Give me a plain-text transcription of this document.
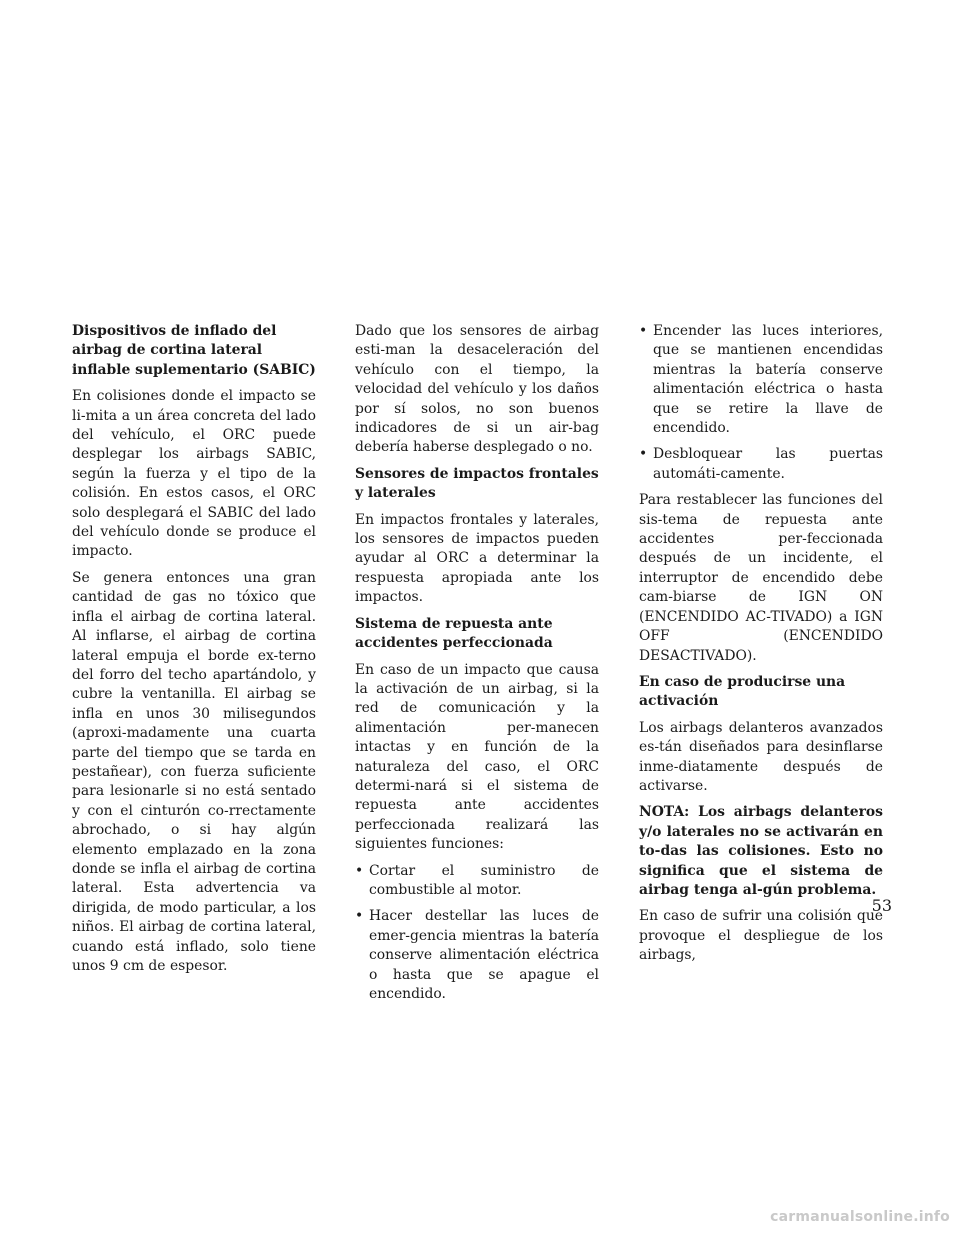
Dispositivos de inflado del airbag de cortina lateral inflable suplementario (SABIC)
En colisiones donde el impacto se li-mita a un área concreta del lado del vehículo, el ORC puede desplegar los airbags SABIC, según la fuerza y el tipo de la colisión. En estos casos, el ORC solo desplegará el SABIC del lado del vehículo donde se produce el impacto.
Se genera entonces una gran cantidad de gas no tóxico que infla el airbag de cortina lateral. Al inflarse, el airbag de cortina lateral empuja el borde ex-terno del forro del techo apartándolo, y cubre la ventanilla. El airbag se infla en unos 30 milisegundos (aproxi-madamente una cuarta parte del tiempo que se tarda en pestañear), con fuerza suficiente para lesionarle si no está sentado y con el cinturón co-rrectamente abrochado, o si hay algún elemento emplazado en la zona donde se infla el airbag de cortina lateral. Esta advertencia va dirigida, de modo particular, a los niños. El airbag de cortina lateral, cuando está inflado, solo tiene unos 9 cm de espesor.
Dado que los sensores de airbag esti-man la desaceleración del vehículo con el tiempo, la velocidad del vehículo y los daños por sí solos, no son buenos indicadores de si un air-bag debería haberse desplegado o no.
Sensores de impactos frontales y laterales
En impactos frontales y laterales, los sensores de impactos pueden ayudar al ORC a determinar la respuesta apropiada ante los impactos.
Sistema de repuesta ante accidentes perfeccionada
En caso de un impacto que causa la activación de un airbag, si la red de comunicación y la alimentación per-manecen intactas y en función de la naturaleza del caso, el ORC determi-nará si el sistema de repuesta ante accidentes perfeccionada realizará las siguientes funciones:
• Cortar el suministro de combustible al motor.
• Hacer destellar las luces de emer-gencia mientras la batería conserve alimentación eléctrica o hasta que se apague el encendido.
• Encender las luces interiores, que se mantienen encendidas mientras la batería conserve alimentación eléctrica o hasta que se retire la llave de encendido.
• Desbloquear las puertas automáti-camente.
Para restablecer las funciones del sis-tema de repuesta ante accidentes per-feccionada después de un incidente, el interruptor de encendido debe cam-biarse de IGN ON (ENCENDIDO AC-TIVADO) a IGN OFF (ENCENDIDO DESACTIVADO).
En caso de producirse una activación
Los airbags delanteros avanzados es-tán diseñados para desinflarse inme-diatamente después de activarse.
NOTA: Los airbags delanteros y/o laterales no se activarán en to-das las colisiones. Esto no significa que el sistema de airbag tenga al-gún problema.
En caso de sufrir una colisión que provoque el despliegue de los airbags,
53
carmanualsonline.info
